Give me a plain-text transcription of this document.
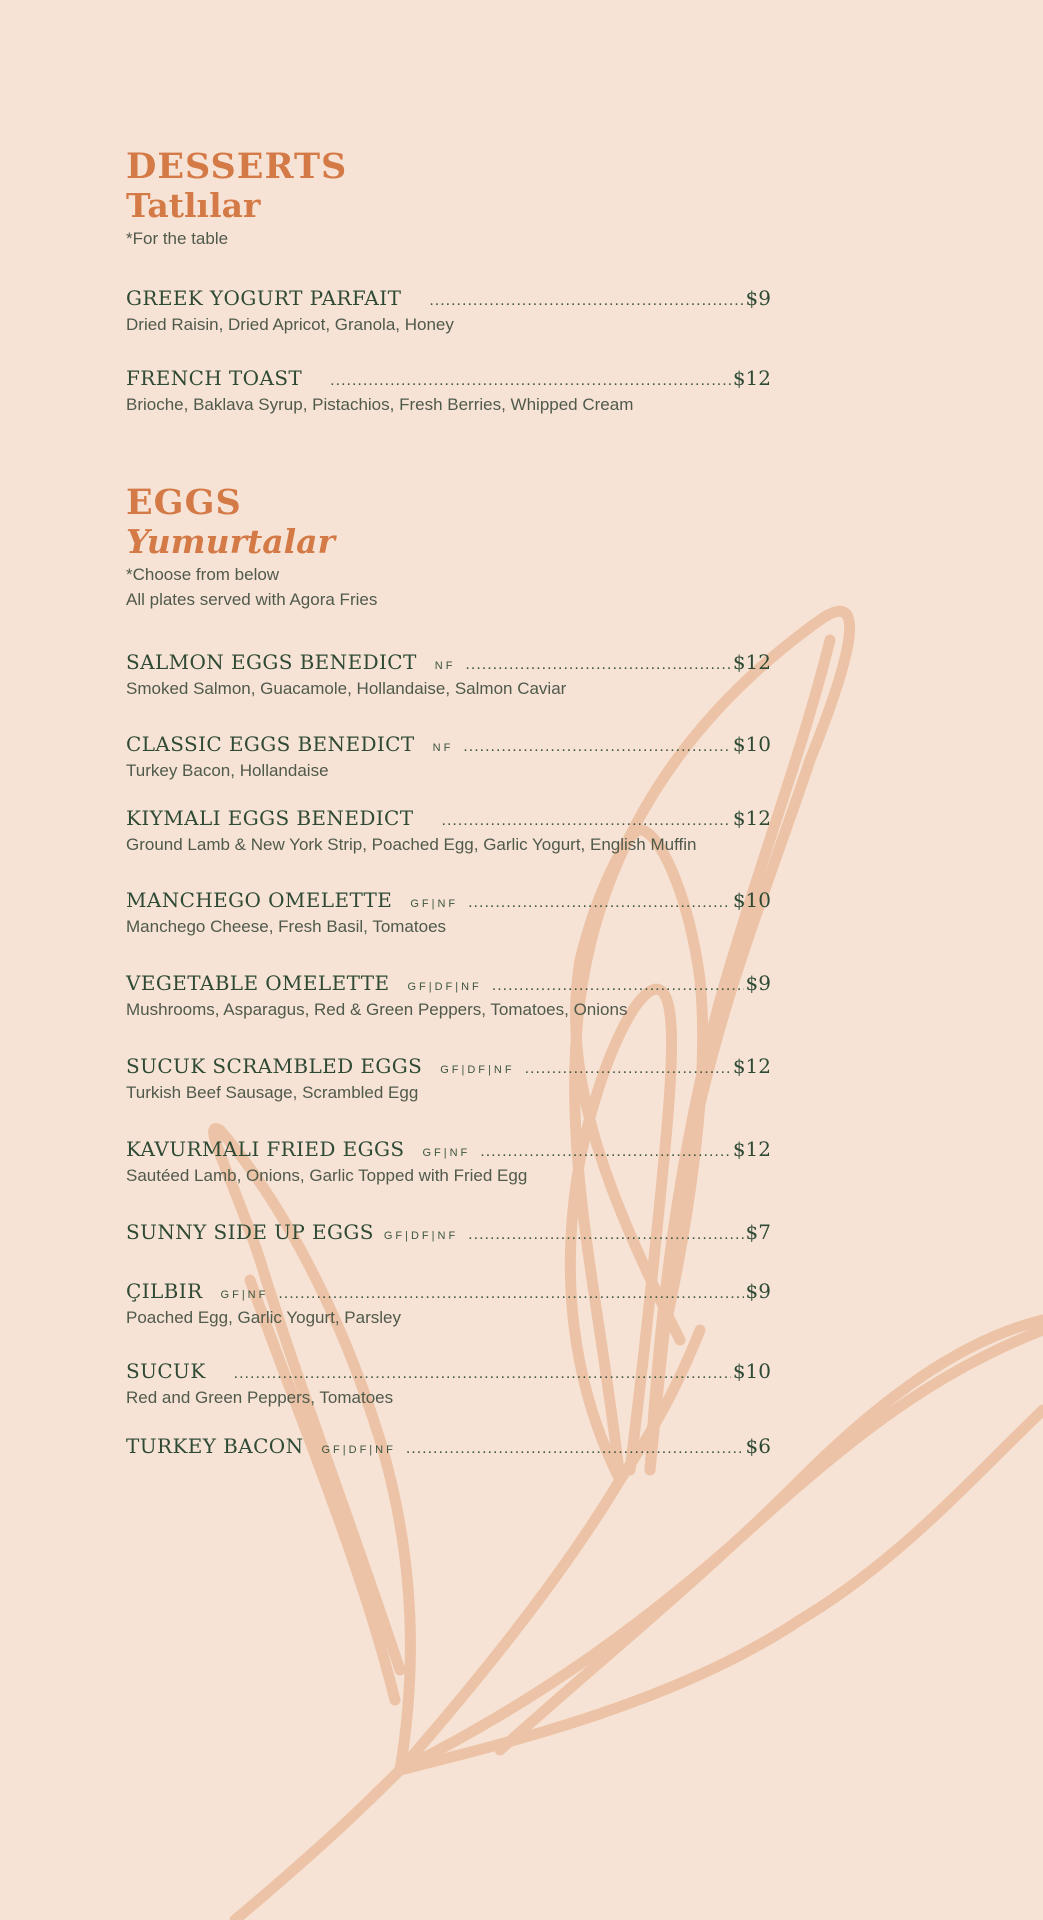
DESSERTS
Tatlılar
*For the table
GREEK YOGURT PARFAIT .....	$9
Dried Raisin, Dried Apricot, Granola, Honey
FRENCH TOAST .....	$12
Brioche, Baklava Syrup, Pistachios, Fresh Berries, Whipped Cream
EGGS
Yumurtalar
*Choose from below
All plates served with Agora Fries
SALMON EGGS BENEDICT NF .....	$12
Smoked Salmon, Guacamole, Hollandaise, Salmon Caviar
CLASSIC EGGS BENEDICT NF .....	$10
Turkey Bacon, Hollandaise
KIYMALI EGGS BENEDICT .....	$12
Ground Lamb & New York Strip, Poached Egg, Garlic Yogurt, English Muffin
MANCHEGO OMELETTE GF|NF .....	$10
Manchego Cheese, Fresh Basil, Tomatoes
VEGETABLE OMELETTE GF|DF|NF .....	$9
Mushrooms, Asparagus, Red & Green Peppers, Tomatoes, Onions
SUCUK SCRAMBLED EGGS GF|DF|NF .....	$12
Turkish Beef Sausage, Scrambled Egg
KAVURMALI FRIED EGGS GF|NF .....	$12
Sautéed Lamb, Onions, Garlic Topped with Fried Egg
SUNNY SIDE UP EGGS GF|DF|NF .....	$7
ÇILBIR GF|NF .....	$9
Poached Egg, Garlic Yogurt, Parsley
SUCUK .....	$10
Red and Green Peppers, Tomatoes
TURKEY BACON GF|DF|NF .....	$6
